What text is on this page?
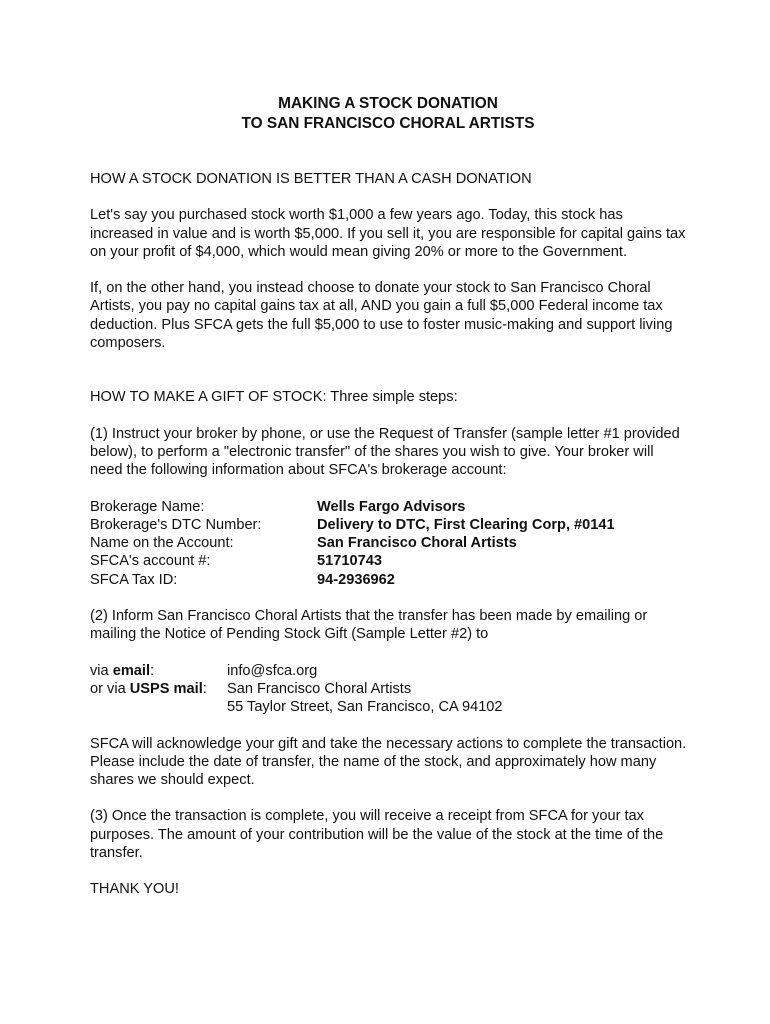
MAKING A STOCK DONATION
TO SAN FRANCISCO CHORAL ARTISTS

HOW A STOCK DONATION IS BETTER THAN A CASH DONATION

Let's say you purchased stock worth $1,000 a few years ago. Today, this stock has increased in value and is worth $5,000. If you sell it, you are responsible for capital gains tax on your profit of $4,000, which would mean giving 20% or more to the Government.

If, on the other hand, you instead choose to donate your stock to San Francisco Choral Artists, you pay no capital gains tax at all, AND you gain a full $5,000 Federal income tax deduction. Plus SFCA gets the full $5,000 to use to foster music-making and support living composers.

HOW TO MAKE A GIFT OF STOCK: Three simple steps:

(1) Instruct your broker by phone, or use the Request of Transfer (sample letter #1 provided below), to perform a "electronic transfer" of the shares you wish to give. Your broker will need the following information about SFCA's brokerage account:

Brokerage Name:	Wells Fargo Advisors
Brokerage's DTC Number:	Delivery to DTC, First Clearing Corp, #0141
Name on the Account:	San Francisco Choral Artists
SFCA's account #:	51710743
SFCA Tax ID:	94-2936962

(2) Inform San Francisco Choral Artists that the transfer has been made by emailing or mailing the Notice of Pending Stock Gift (Sample Letter #2) to

via email:	info@sfca.org
or via USPS mail:	San Francisco Choral Artists
55 Taylor Street, San Francisco, CA 94102

SFCA will acknowledge your gift and take the necessary actions to complete the transaction. Please include the date of transfer, the name of the stock, and approximately how many shares we should expect.

(3) Once the transaction is complete, you will receive a receipt from SFCA for your tax purposes. The amount of your contribution will be the value of the stock at the time of the transfer.

THANK YOU!
